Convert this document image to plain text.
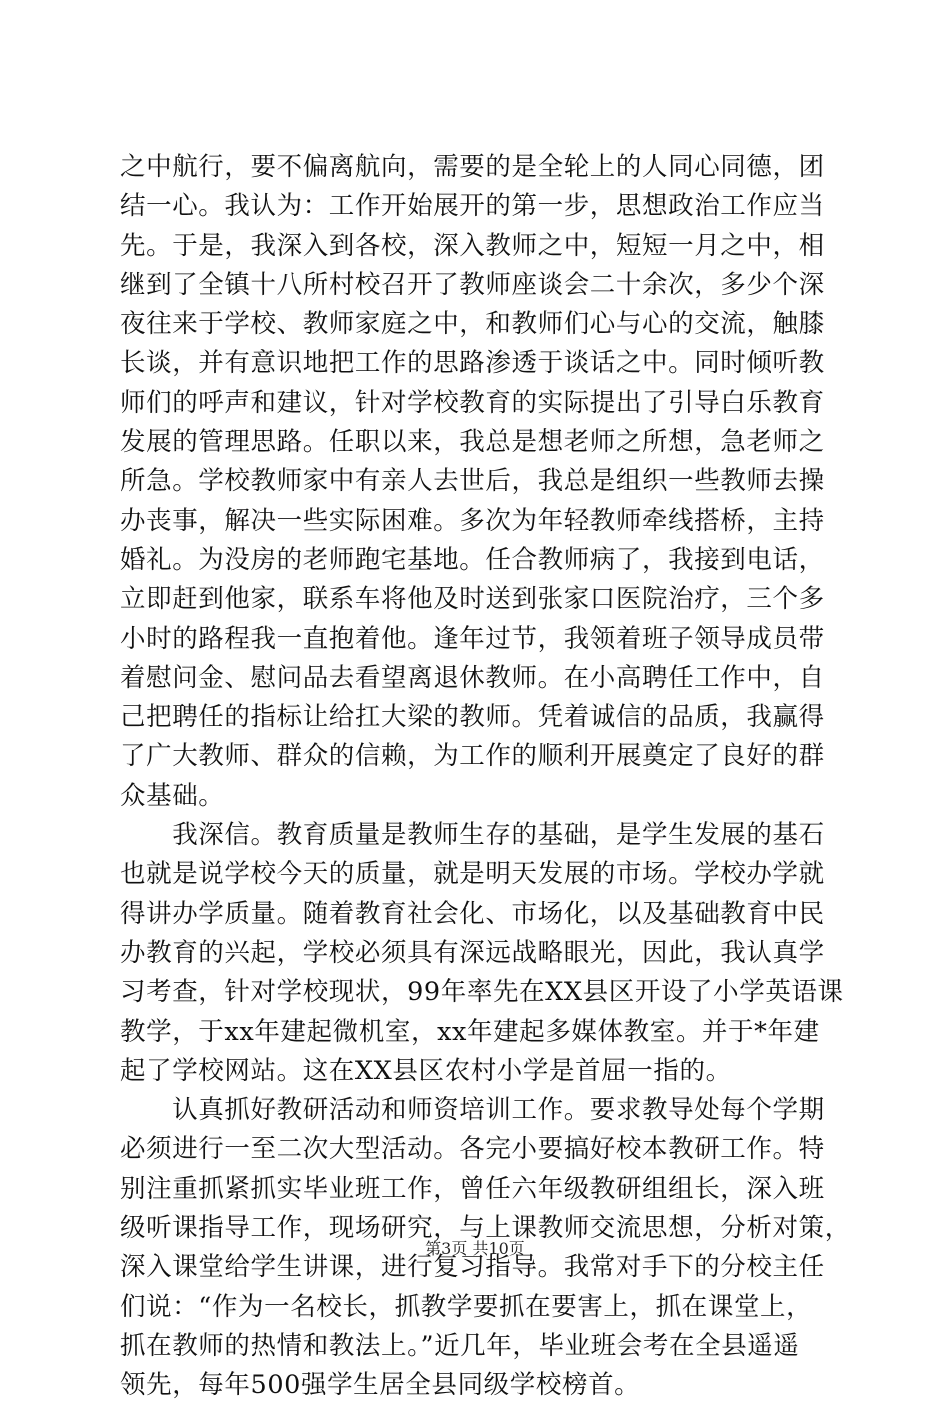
之中航行，要不偏离航向，需要的是全轮上的人同心同德，团
结一心。我认为：工作开始展开的第一步，思想政治工作应当
先。于是，我深入到各校，深入教师之中，短短一月之中，相
继到了全镇十八所村校召开了教师座谈会二十余次，多少个深
夜往来于学校、教师家庭之中，和教师们心与心的交流，触膝
长谈，并有意识地把工作的思路渗透于谈话之中。同时倾听教
师们的呼声和建议，针对学校教育的实际提出了引导白乐教育
发展的管理思路。任职以来，我总是想老师之所想，急老师之
所急。学校教师家中有亲人去世后，我总是组织一些教师去操
办丧事，解决一些实际困难。多次为年轻教师牵线搭桥，主持
婚礼。为没房的老师跑宅基地。任合教师病了，我接到电话，
立即赶到他家，联系车将他及时送到张家口医院治疗，三个多
小时的路程我一直抱着他。逢年过节，我领着班子领导成员带
着慰问金、慰问品去看望离退休教师。在小高聘任工作中，自
己把聘任的指标让给扛大梁的教师。凭着诚信的品质，我赢得
了广大教师、群众的信赖，为工作的顺利开展奠定了良好的群
众基础。
　　我深信。教育质量是教师生存的基础，是学生发展的基石
也就是说学校今天的质量，就是明天发展的市场。学校办学就
得讲办学质量。随着教育社会化、市场化，以及基础教育中民
办教育的兴起，学校必须具有深远战略眼光，因此，我认真学
习考查，针对学校现状，99年率先在XX县区开设了小学英语课
教学，于xx年建起微机室，xx年建起多媒体教室。并于*年建
起了学校网站。这在XX县区农村小学是首屈一指的。
　　认真抓好教研活动和师资培训工作。要求教导处每个学期
必须进行一至二次大型活动。各完小要搞好校本教研工作。特
别注重抓紧抓实毕业班工作，曾任六年级教研组组长，深入班
级听课指导工作，现场研究，与上课教师交流思想，分析对策，
深入课堂给学生讲课，进行复习指导。我常对手下的分校主任
们说：“作为一名校长，抓教学要抓在要害上，抓在课堂上，
抓在教师的热情和教法上。”近几年，毕业班会考在全县遥遥
领先，每年500强学生居全县同级学校榜首。
第3页 共10页
